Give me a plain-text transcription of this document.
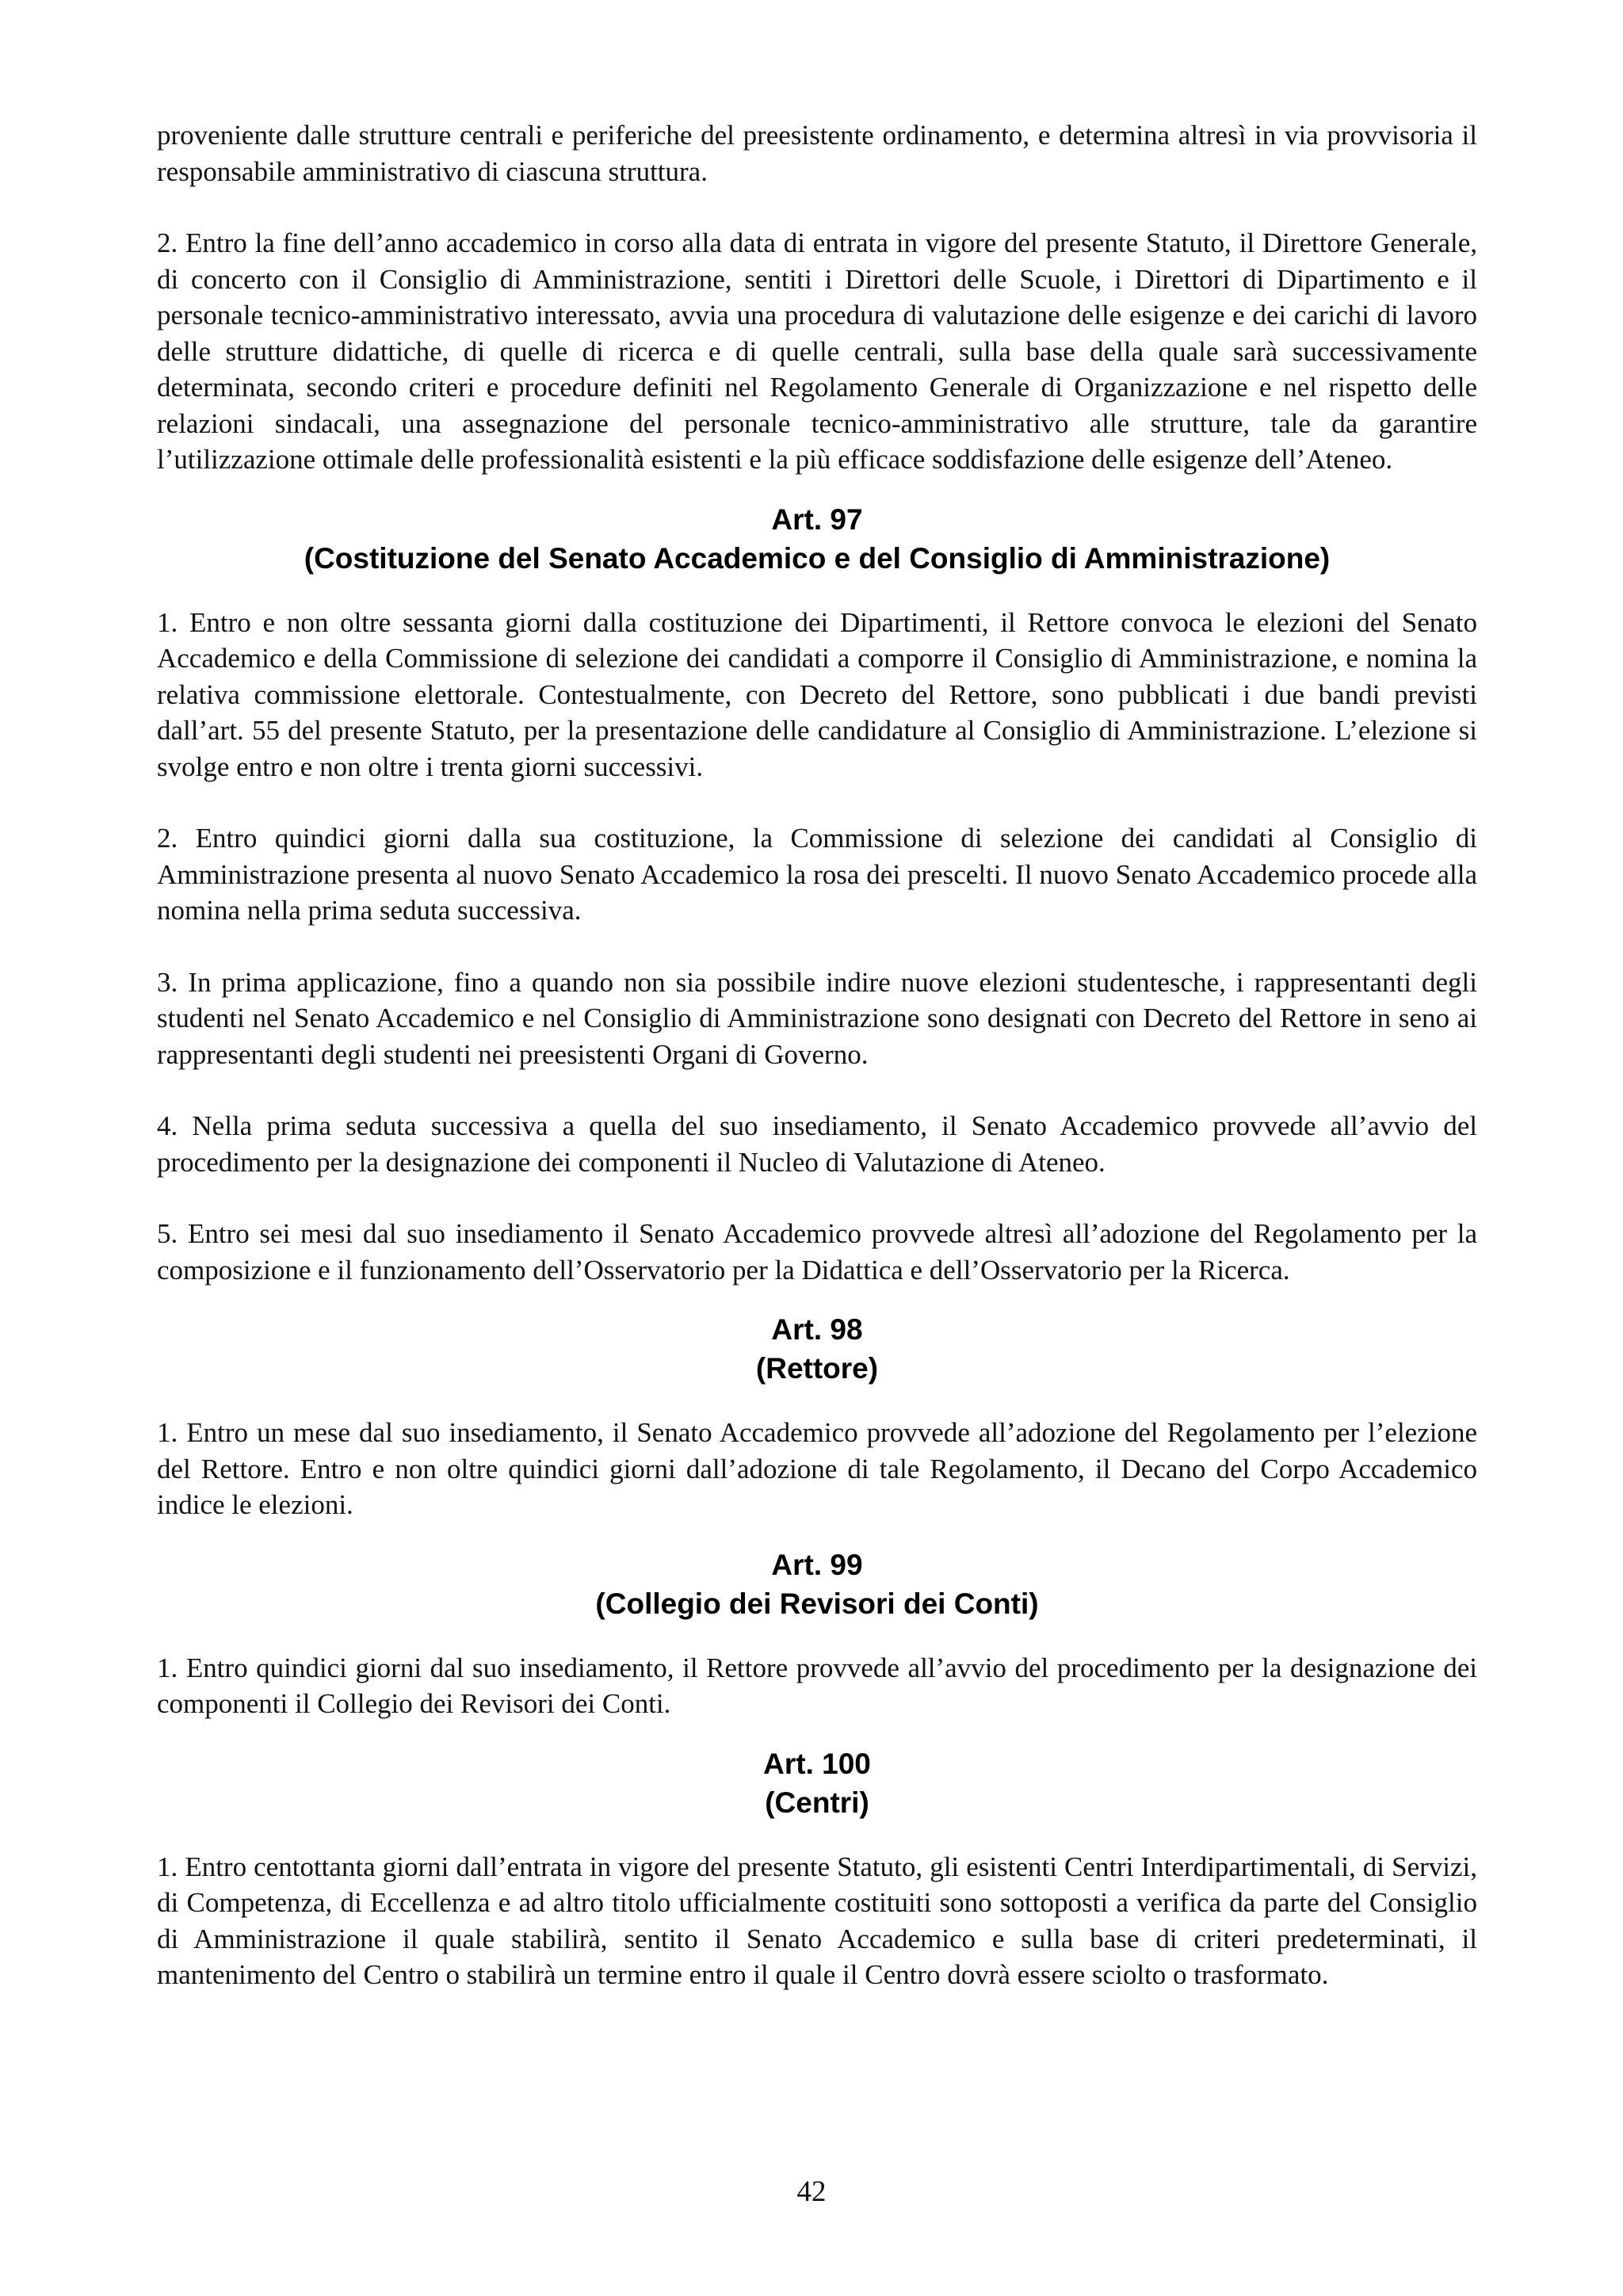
proveniente dalle strutture centrali e periferiche del preesistente ordinamento, e determina altresì in via provvisoria il responsabile amministrativo di ciascuna struttura.

2. Entro la fine dell’anno accademico in corso alla data di entrata in vigore del presente Statuto, il Direttore Generale, di concerto con il Consiglio di Amministrazione, sentiti i Direttori delle Scuole, i Direttori di Dipartimento e il personale tecnico-amministrativo interessato, avvia una procedura di valutazione delle esigenze e dei carichi di lavoro delle strutture didattiche, di quelle di ricerca e di quelle centrali, sulla base della quale sarà successivamente determinata, secondo criteri e procedure definiti nel Regolamento Generale di Organizzazione e nel rispetto delle relazioni sindacali, una assegnazione del personale tecnico-amministrativo alle strutture, tale da garantire l’utilizzazione ottimale delle professionalità esistenti e la più efficace soddisfazione delle esigenze dell’Ateneo.

Art. 97
(Costituzione del Senato Accademico e del Consiglio di Amministrazione)

1. Entro e non oltre sessanta giorni dalla costituzione dei Dipartimenti, il Rettore convoca le elezioni del Senato Accademico e della Commissione di selezione dei candidati a comporre il Consiglio di Amministrazione, e nomina la relativa commissione elettorale. Contestualmente, con Decreto del Rettore, sono pubblicati i due bandi previsti dall’art. 55 del presente Statuto, per la presentazione delle candidature al Consiglio di Amministrazione. L’elezione si svolge entro e non oltre i trenta giorni successivi.

2. Entro quindici giorni dalla sua costituzione, la Commissione di selezione dei candidati al Consiglio di Amministrazione presenta al nuovo Senato Accademico la rosa dei prescelti. Il nuovo Senato Accademico procede alla nomina nella prima seduta successiva.

3. In prima applicazione, fino a quando non sia possibile indire nuove elezioni studentesche, i rappresentanti degli studenti nel Senato Accademico e nel Consiglio di Amministrazione sono designati con Decreto del Rettore in seno ai rappresentanti degli studenti nei preesistenti Organi di Governo.

4. Nella prima seduta successiva a quella del suo insediamento, il Senato Accademico provvede all’avvio del procedimento per la designazione dei componenti il Nucleo di Valutazione di Ateneo.

5. Entro sei mesi dal suo insediamento il Senato Accademico provvede altresì all’adozione del Regolamento per la composizione e il funzionamento dell’Osservatorio per la Didattica e dell’Osservatorio per la Ricerca.

Art. 98
(Rettore)

1. Entro un mese dal suo insediamento, il Senato Accademico provvede all’adozione del Regolamento per l’elezione del Rettore. Entro e non oltre quindici giorni dall’adozione di tale Regolamento, il Decano del Corpo Accademico indice le elezioni.

Art. 99
(Collegio dei Revisori dei Conti)

1. Entro quindici giorni dal suo insediamento, il Rettore provvede all’avvio del procedimento per la designazione dei componenti il Collegio dei Revisori dei Conti.

Art. 100
(Centri)

1. Entro centottanta giorni dall’entrata in vigore del presente Statuto, gli esistenti Centri Interdipartimentali, di Servizi, di Competenza, di Eccellenza e ad altro titolo ufficialmente costituiti sono sottoposti a verifica da parte del Consiglio di Amministrazione il quale stabilirà, sentito il Senato Accademico e sulla base di criteri predeterminati, il mantenimento del Centro o stabilirà un termine entro il quale il Centro dovrà essere sciolto o trasformato.

42
